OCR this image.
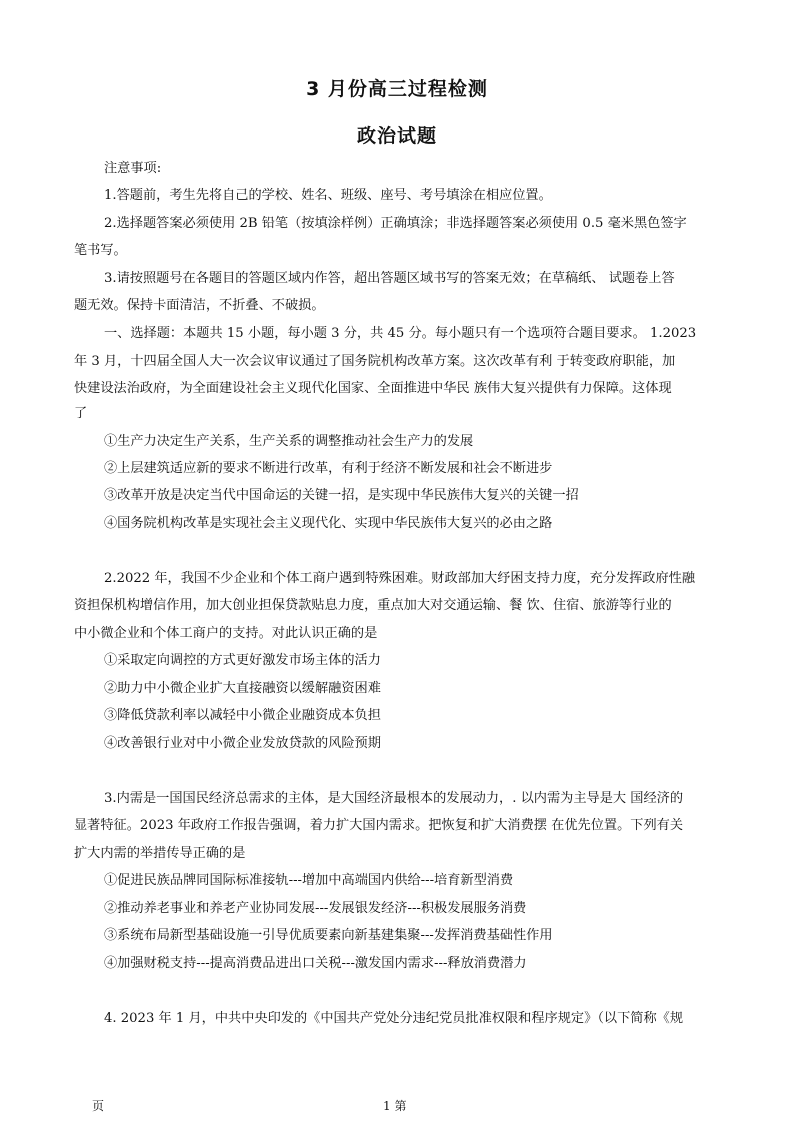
3 月份高三过程检测
政治试题
注意事项:
1.答题前，考生先将自己的学校、姓名、班级、座号、考号填涂在相应位置。
2.选择题答案必须使用 2B 铅笔（按填涂样例）正确填涂；非选择题答案必须使用 0.5 毫米黑色签字
笔书写。
3.请按照题号在各题目的答题区域内作答，超出答题区域书写的答案无效；在草稿纸、 试题卷上答
题无效。保持卡面清洁，不折叠、不破损。
一、选择题：本题共 15 小题，每小题 3 分，共 45 分。每小题只有一个选项符合题目要求。 1.2023
年 3 月，十四届全国人大一次会议审议通过了国务院机构改革方案。这次改革有利 于转变政府职能，加
快建设法治政府，为全面建设社会主义现代化国家、全面推进中华民 族伟大复兴提供有力保障。这体现
了
①生产力决定生产关系，生产关系的调整推动社会生产力的发展
②上层建筑适应新的要求不断进行改革，有利于经济不断发展和社会不断进步
③改革开放是决定当代中国命运的关键一招，是实现中华民族伟大复兴的关键一招
④国务院机构改革是实现社会主义现代化、实现中华民族伟大复兴的必由之路
2.2022 年，我国不少企业和个体工商户遇到特殊困难。财政部加大纾困支持力度，充分发挥政府性融
资担保机构增信作用，加大创业担保贷款贴息力度，重点加大对交通运输、餐 饮、住宿、旅游等行业的
中小微企业和个体工商户的支持。对此认识正确的是
①采取定向调控的方式更好激发市场主体的活力
②助力中小微企业扩大直接融资以缓解融资困难
③降低贷款利率以减轻中小微企业融资成本负担
④改善银行业对中小微企业发放贷款的风险预期
3.内需是一国国民经济总需求的主体，是大国经济最根本的发展动力，. 以内需为主导是大 国经济的
显著特征。2023 年政府工作报告强调，着力扩大国内需求。把恢复和扩大消费摆 在优先位置。下列有关
扩大内需的举措传导正确的是
①促进民族品牌同国际标准接轨---增加中高端国内供给---培育新型消费
②推动养老事业和养老产业协同发展---发展银发经济---积极发展服务消费
③系统布局新型基础设施一引导优质要素向新基建集聚---发挥消费基础性作用
④加强财税支持---提高消费品进出口关税---激发国内需求---释放消费潜力
4. 2023 年 1 月，中共中央印发的《中国共产党处分违纪党员批准权限和程序规定》（以下简称《规
页	1 第
